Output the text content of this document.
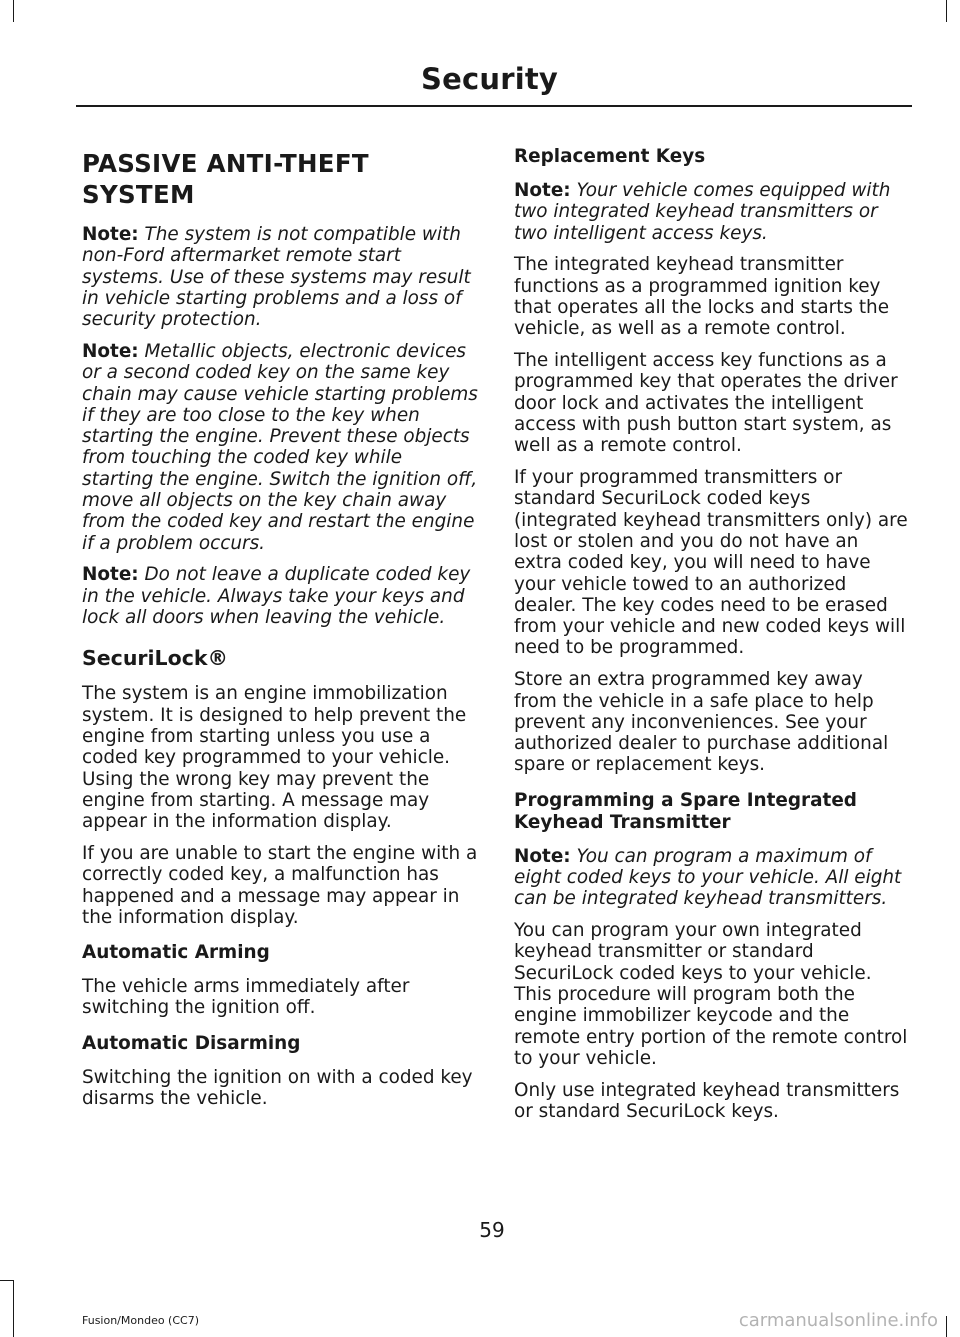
Security
PASSIVE ANTI-THEFT SYSTEM

Note: The system is not compatible with non-Ford aftermarket remote start systems. Use of these systems may result in vehicle starting problems and a loss of security protection.

Note: Metallic objects, electronic devices or a second coded key on the same key chain may cause vehicle starting problems if they are too close to the key when starting the engine. Prevent these objects from touching the coded key while starting the engine. Switch the ignition off, move all objects on the key chain away from the coded key and restart the engine if a problem occurs.

Note: Do not leave a duplicate coded key in the vehicle. Always take your keys and lock all doors when leaving the vehicle.

SecuriLock®

The system is an engine immobilization system. It is designed to help prevent the engine from starting unless you use a coded key programmed to your vehicle. Using the wrong key may prevent the engine from starting. A message may appear in the information display.

If you are unable to start the engine with a correctly coded key, a malfunction has happened and a message may appear in the information display.

Automatic Arming

The vehicle arms immediately after switching the ignition off.

Automatic Disarming

Switching the ignition on with a coded key disarms the vehicle.

Replacement Keys

Note: Your vehicle comes equipped with two integrated keyhead transmitters or two intelligent access keys.

The integrated keyhead transmitter functions as a programmed ignition key that operates all the locks and starts the vehicle, as well as a remote control.

The intelligent access key functions as a programmed key that operates the driver door lock and activates the intelligent access with push button start system, as well as a remote control.

If your programmed transmitters or standard SecuriLock coded keys (integrated keyhead transmitters only) are lost or stolen and you do not have an extra coded key, you will need to have your vehicle towed to an authorized dealer. The key codes need to be erased from your vehicle and new coded keys will need to be programmed.

Store an extra programmed key away from the vehicle in a safe place to help prevent any inconveniences. See your authorized dealer to purchase additional spare or replacement keys.

Programming a Spare Integrated Keyhead Transmitter

Note: You can program a maximum of eight coded keys to your vehicle. All eight can be integrated keyhead transmitters.

You can program your own integrated keyhead transmitter or standard SecuriLock coded keys to your vehicle. This procedure will program both the engine immobilizer keycode and the remote entry portion of the remote control to your vehicle.

Only use integrated keyhead transmitters or standard SecuriLock keys.

59
Fusion/Mondeo (CC7)	carmanualsonline.info
